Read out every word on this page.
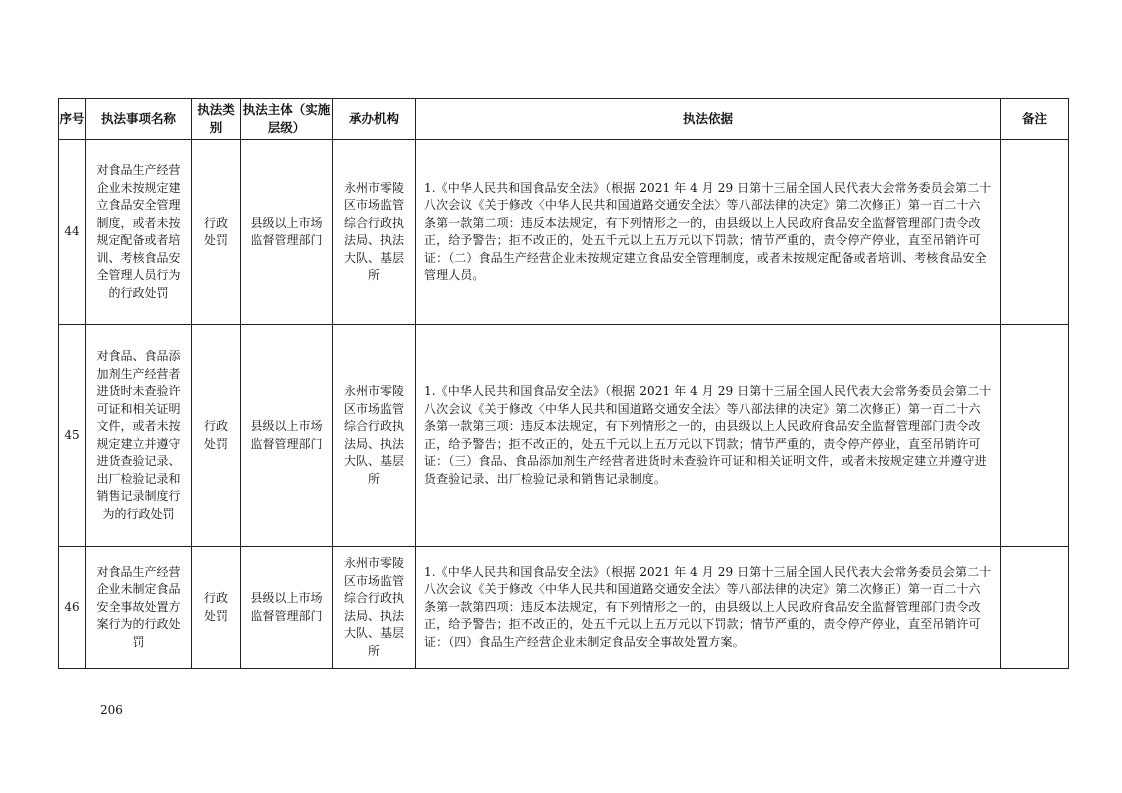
序号	执法事项名称	执法类别	执法主体（实施层级）	承办机构	执法依据	备注
44	对食品生产经营企业未按规定建立食品安全管理制度，或者未按规定配备或者培训、考核食品安全管理人员行为的行政处罚	行政处罚	县级以上市场监督管理部门	永州市零陵区市场监管综合行政执法局、执法大队、基层所	1.《中华人民共和国食品安全法》（根据 2021 年 4 月 29 日第十三届全国人民代表大会常务委员会第二十八次会议《关于修改〈中华人民共和国道路交通安全法〉等八部法律的决定》第二次修正）第一百二十六条第一款第二项：违反本法规定，有下列情形之一的，由县级以上人民政府食品安全监督管理部门责令改正，给予警告；拒不改正的，处五千元以上五万元以下罚款；情节严重的，责令停产停业，直至吊销许可证：（二）食品生产经营企业未按规定建立食品安全管理制度，或者未按规定配备或者培训、考核食品安全管理人员。	
45	对食品、食品添加剂生产经营者进货时未查验许可证和相关证明文件，或者未按规定建立并遵守进货查验记录、出厂检验记录和销售记录制度行为的行政处罚	行政处罚	县级以上市场监督管理部门	永州市零陵区市场监管综合行政执法局、执法大队、基层所	1.《中华人民共和国食品安全法》（根据 2021 年 4 月 29 日第十三届全国人民代表大会常务委员会第二十八次会议《关于修改〈中华人民共和国道路交通安全法〉等八部法律的决定》第二次修正）第一百二十六条第一款第三项：违反本法规定，有下列情形之一的，由县级以上人民政府食品安全监督管理部门责令改正，给予警告；拒不改正的，处五千元以上五万元以下罚款；情节严重的，责令停产停业，直至吊销许可证：（三）食品、食品添加剂生产经营者进货时未查验许可证和相关证明文件，或者未按规定建立并遵守进货查验记录、出厂检验记录和销售记录制度。	
46	对食品生产经营企业未制定食品安全事故处置方案行为的行政处罚	行政处罚	县级以上市场监督管理部门	永州市零陵区市场监管综合行政执法局、执法大队、基层所	1.《中华人民共和国食品安全法》（根据 2021 年 4 月 29 日第十三届全国人民代表大会常务委员会第二十八次会议《关于修改〈中华人民共和国道路交通安全法〉等八部法律的决定》第二次修正）第一百二十六条第一款第四项：违反本法规定，有下列情形之一的，由县级以上人民政府食品安全监督管理部门责令改正，给予警告；拒不改正的，处五千元以上五万元以下罚款；情节严重的，责令停产停业，直至吊销许可证：（四）食品生产经营企业未制定食品安全事故处置方案。	
206
